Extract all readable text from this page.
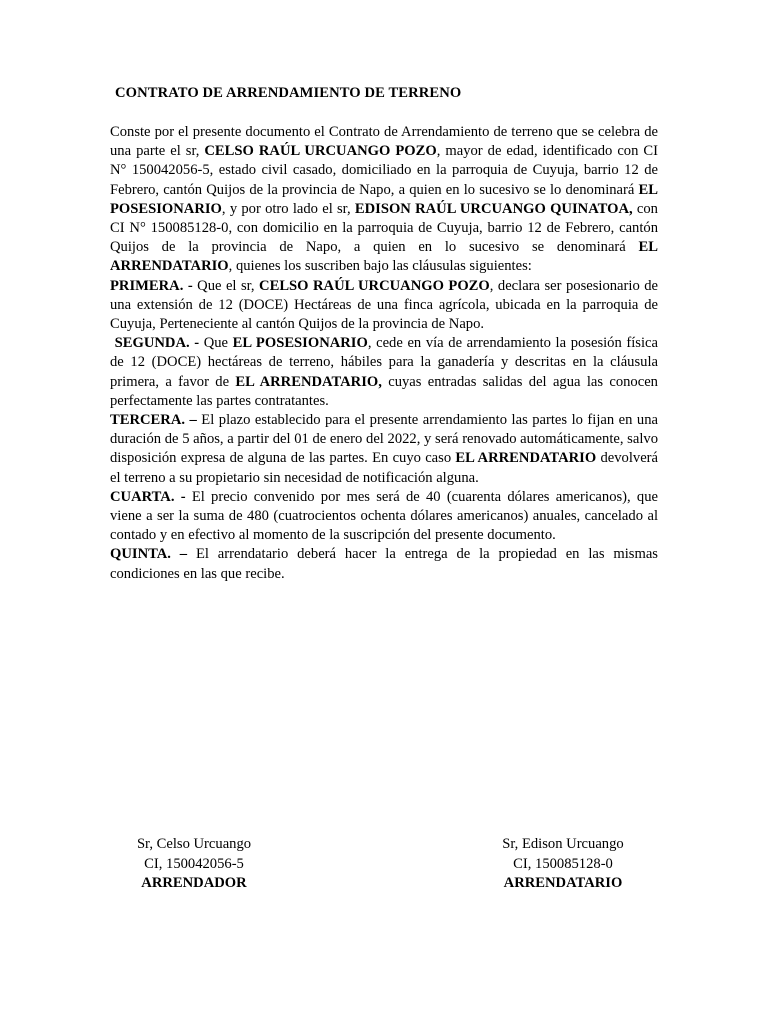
CONTRATO DE ARRENDAMIENTO DE TERRENO

Conste por el presente documento el Contrato de Arrendamiento de terreno que se celebra de una parte el sr, CELSO RAÚL URCUANGO POZO, mayor de edad, identificado con CI N° 150042056-5, estado civil casado, domiciliado en la parroquia de Cuyuja, barrio 12 de Febrero, cantón Quijos de la provincia de Napo, a quien en lo sucesivo se lo denominará EL POSESIONARIO, y por otro lado el sr, EDISON RAÚL URCUANGO QUINATOA, con CI N° 150085128-0, con domicilio en la parroquia de Cuyuja, barrio 12 de Febrero, cantón Quijos de la provincia de Napo, a quien en lo sucesivo se denominará EL ARRENDATARIO, quienes los suscriben bajo las cláusulas siguientes:

PRIMERA. - Que el sr, CELSO RAÚL URCUANGO POZO, declara ser posesionario de una extensión de 12 (DOCE) Hectáreas de una finca agrícola, ubicada en la parroquia de Cuyuja, Perteneciente al cantón Quijos de la provincia de Napo.

SEGUNDA. - Que EL POSESIONARIO, cede en vía de arrendamiento la posesión física de 12 (DOCE) hectáreas de terreno, hábiles para la ganadería y descritas en la cláusula primera, a favor de EL ARRENDATARIO, cuyas entradas salidas del agua las conocen perfectamente las partes contratantes.

TERCERA. – El plazo establecido para el presente arrendamiento las partes lo fijan en una duración de 5 años, a partir del 01 de enero del 2022, y será renovado automáticamente, salvo disposición expresa de alguna de las partes. En cuyo caso EL ARRENDATARIO devolverá el terreno a su propietario sin necesidad de notificación alguna.

CUARTA. - El precio convenido por mes será de 40 (cuarenta dólares americanos), que viene a ser la suma de 480 (cuatrocientos ochenta dólares americanos) anuales, cancelado al contado y en efectivo al momento de la suscripción del presente documento.

QUINTA. – El arrendatario deberá hacer la entrega de la propiedad en las mismas condiciones en las que recibe.

Sr, Celso Urcuango
CI, 150042056-5
ARRENDADOR
Sr, Edison Urcuango
CI, 150085128-0
ARRENDATARIO
